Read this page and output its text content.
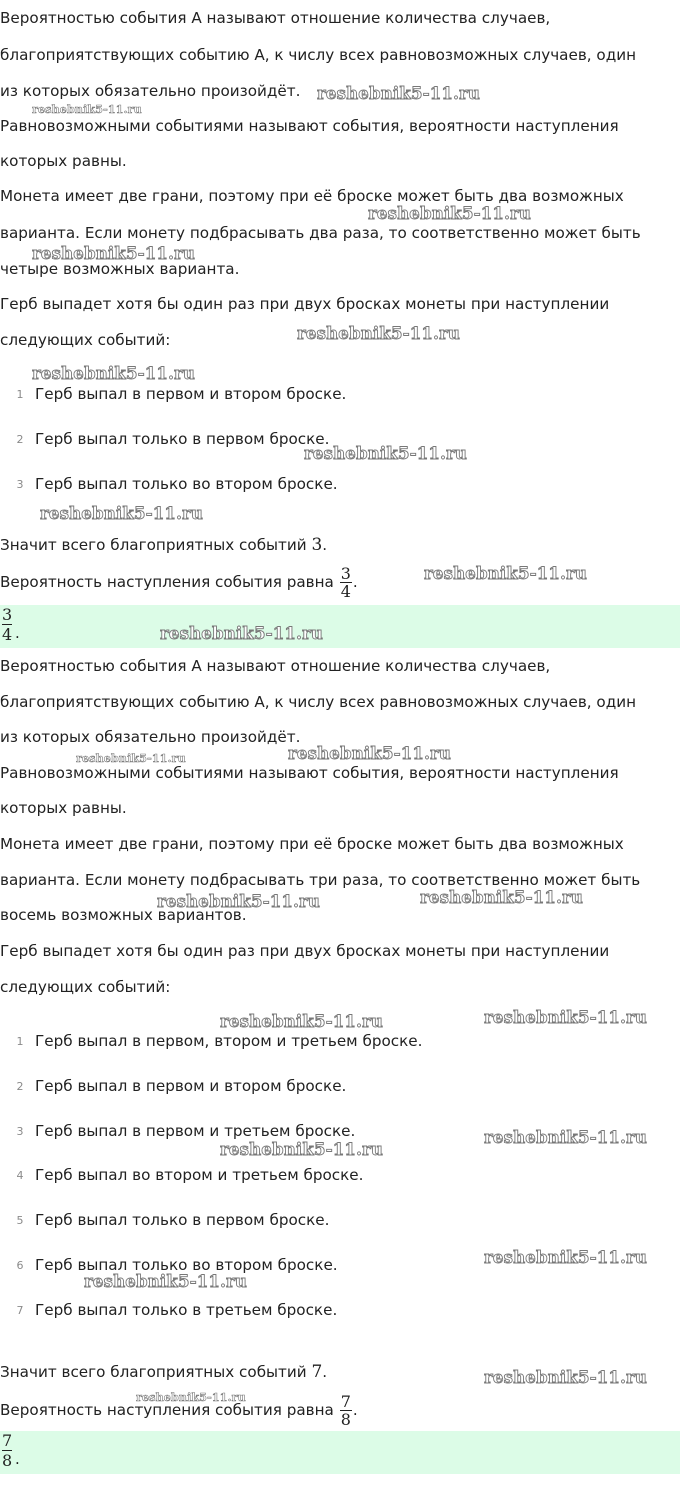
Вероятностью события А называют отношение количества случаев,

благоприятствующих событию А, к числу всех равновозможных случаев, один

из которых обязательно произойдёт.

Равновозможными событиями называют события, вероятности наступления

которых равны.

Монета имеет две грани, поэтому при её броске может быть два возможных

варианта. Если монету подбрасывать два раза, то соответственно может быть

четыре возможных варианта.

Герб выпадет хотя бы один раз при двух бросках монеты при наступлении

следующих событий:

1 Герб выпал в первом и втором броске.
2 Герб выпал только в первом броске.
3 Герб выпал только во втором броске.

Значит всего благоприятных событий 3.

Вероятность наступления события равна $\frac{3}{4}$ .

$\frac{3}{4}$ .

Вероятностью события А называют отношение количества случаев,

благоприятствующих событию А, к числу всех равновозможных случаев, один

из которых обязательно произойдёт.

Равновозможными событиями называют события, вероятности наступления

которых равны.

Монета имеет две грани, поэтому при её броске может быть два возможных

варианта. Если монету подбрасывать три раза, то соответственно может быть

восемь возможных вариантов.

Герб выпадет хотя бы один раз при двух бросках монеты при наступлении

следующих событий:

1 Герб выпал в первом, втором и третьем броске.
2 Герб выпал в первом и втором броске.
3 Герб выпал в первом и третьем броске.
4 Герб выпал во втором и третьем броске.
5 Герб выпал только в первом броске.
6 Герб выпал только во втором броске.
7 Герб выпал только в третьем броске.

Значит всего благоприятных событий 7.

Вероятность наступления события равна $\frac{7}{8}$ .

$\frac{7}{8}$ .
reshebnik5-11.ru
reshebnik5-11.ru
reshebnik5-11.ru
reshebnik5-11.ru
reshebnik5-11.ru
reshebnik5-11.ru
reshebnik5-11.ru
reshebnik5-11.ru
reshebnik5-11.ru
reshebnik5-11.ru
reshebnik5-11.ru	reshebnik5-11.ru
reshebnik5-11.ru	reshebnik5-11.ru
reshebnik5-11.ru	reshebnik5-11.ru
reshebnik5-11.ru
reshebnik5-11.ru
reshebnik5-11.ru
reshebnik5-11.ru
reshebnik5-11.ru
reshebnik5-11.ru
